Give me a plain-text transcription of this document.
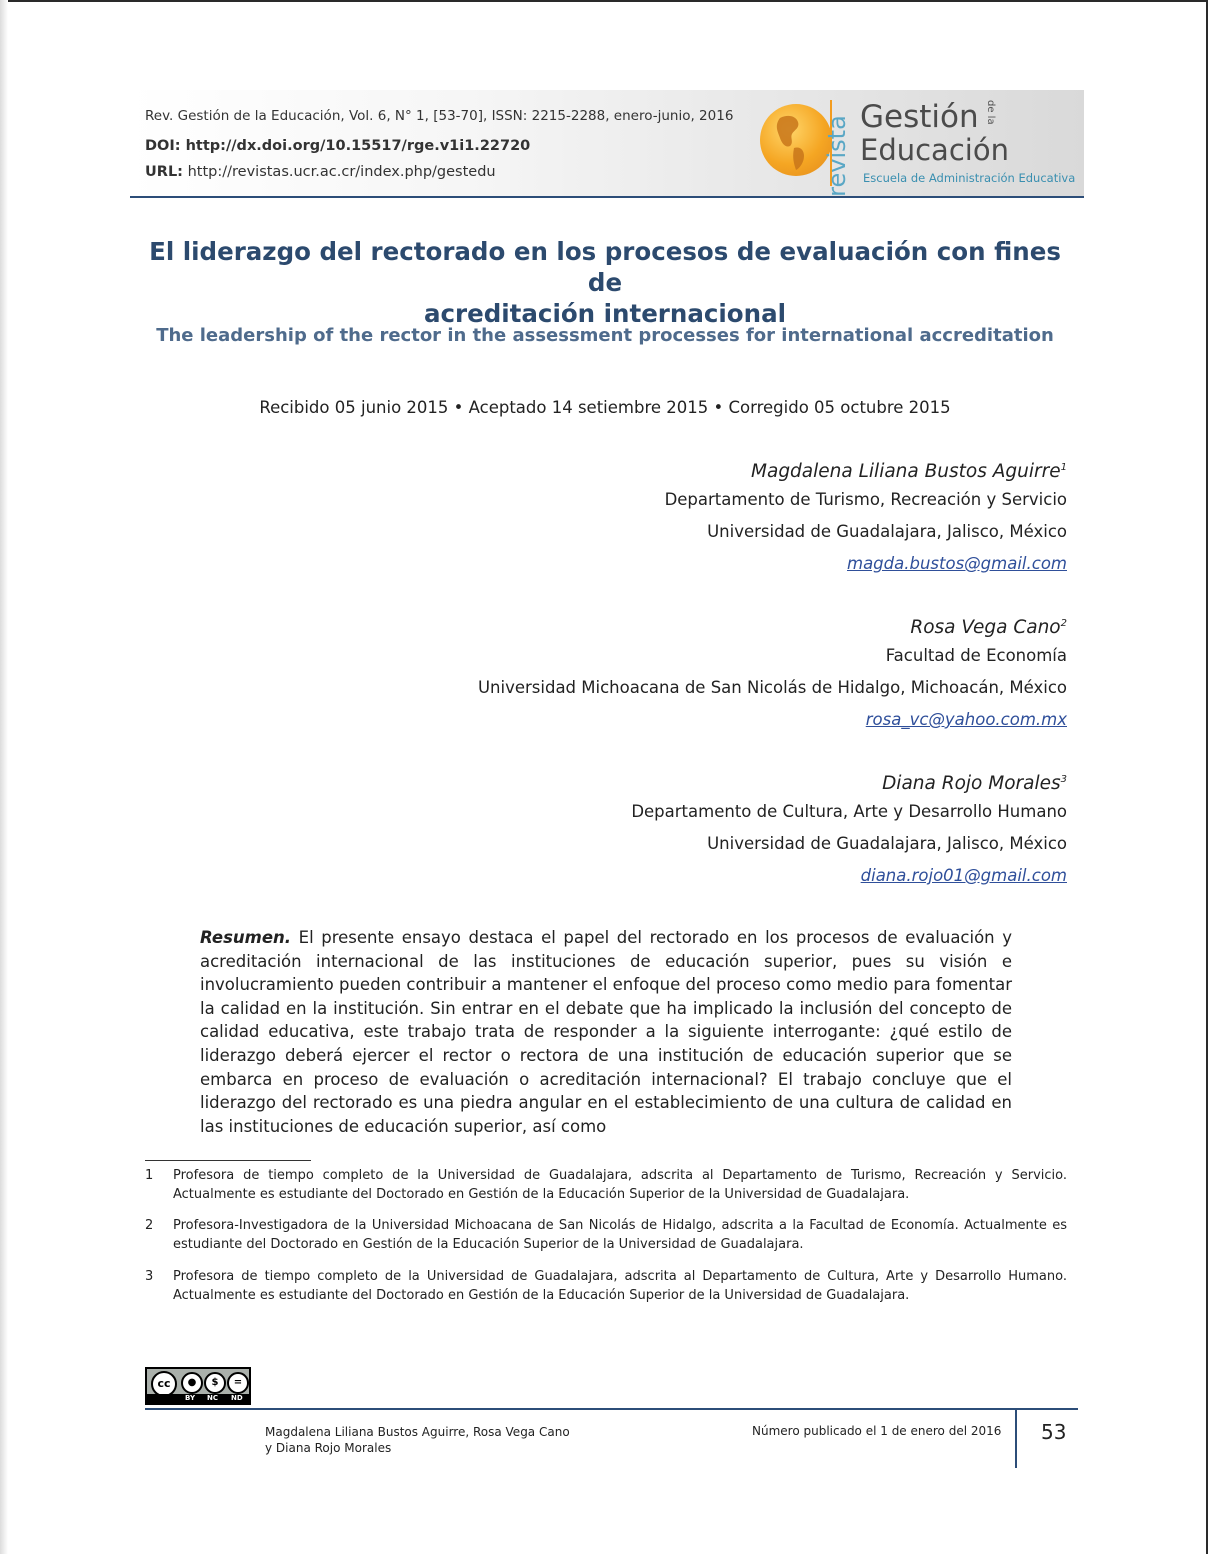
Rev. Gestión de la Educación, Vol. 6, N° 1, [53-70], ISSN: 2215-2288, enero-junio, 2016
DOI: http://dx.doi.org/10.15517/rge.v1i1.22720
URL: http://revistas.ucr.ac.cr/index.php/gestedu	revista Gestión de la
Educación
Escuela de Administración Educativa
El liderazgo del rectorado en los procesos de evaluación con fines de
acreditación internacional
The leadership of the rector in the assessment processes for international accreditation
Recibido 05 junio 2015 • Aceptado 14 setiembre 2015 • Corregido 05 octubre 2015
Magdalena Liliana Bustos Aguirre$^1$
Departamento de Turismo, Recreación y Servicio
Universidad de Guadalajara, Jalisco, México
magda.bustos@gmail.com
Rosa Vega Cano$^2$
Facultad de Economía
Universidad Michoacana de San Nicolás de Hidalgo, Michoacán, México
rosa_vc@yahoo.com.mx
Diana Rojo Morales$^3$
Departamento de Cultura, Arte y Desarrollo Humano
Universidad de Guadalajara, Jalisco, México
diana.rojo01@gmail.com
Resumen. El presente ensayo destaca el papel del rectorado en los procesos de evaluación y acreditación internacional de las instituciones de educación superior, pues su visión e involucramiento pueden contribuir a mantener el enfoque del proceso como medio para fomentar la calidad en la institución. Sin entrar en el debate que ha implicado la inclusión del concepto de calidad educativa, este trabajo trata de responder a la siguiente interrogante: ¿qué estilo de liderazgo deberá ejercer el rector o rectora de una institución de educación superior que se embarca en proceso de evaluación o acreditación internacional? El trabajo concluye que el liderazgo del rectorado es una piedra angular en el establecimiento de una cultura de calidad en las instituciones de educación superior, así como
1 Profesora de tiempo completo de la Universidad de Guadalajara, adscrita al Departamento de Turismo, Recreación y Servicio. Actualmente es estudiante del Doctorado en Gestión de la Educación Superior de la Universidad de Guadalajara.
2 Profesora-Investigadora de la Universidad Michoacana de San Nicolás de Hidalgo, adscrita a la Facultad de Economía. Actualmente es estudiante del Doctorado en Gestión de la Educación Superior de la Universidad de Guadalajara.
3 Profesora de tiempo completo de la Universidad de Guadalajara, adscrita al Departamento de Cultura, Arte y Desarrollo Humano. Actualmente es estudiante del Doctorado en Gestión de la Educación Superior de la Universidad de Guadalajara.
cc	●	$	=
BY NC ND
Magdalena Liliana Bustos Aguirre, Rosa Vega Cano
y Diana Rojo Morales
Número publicado el 1 de enero del 2016 53
